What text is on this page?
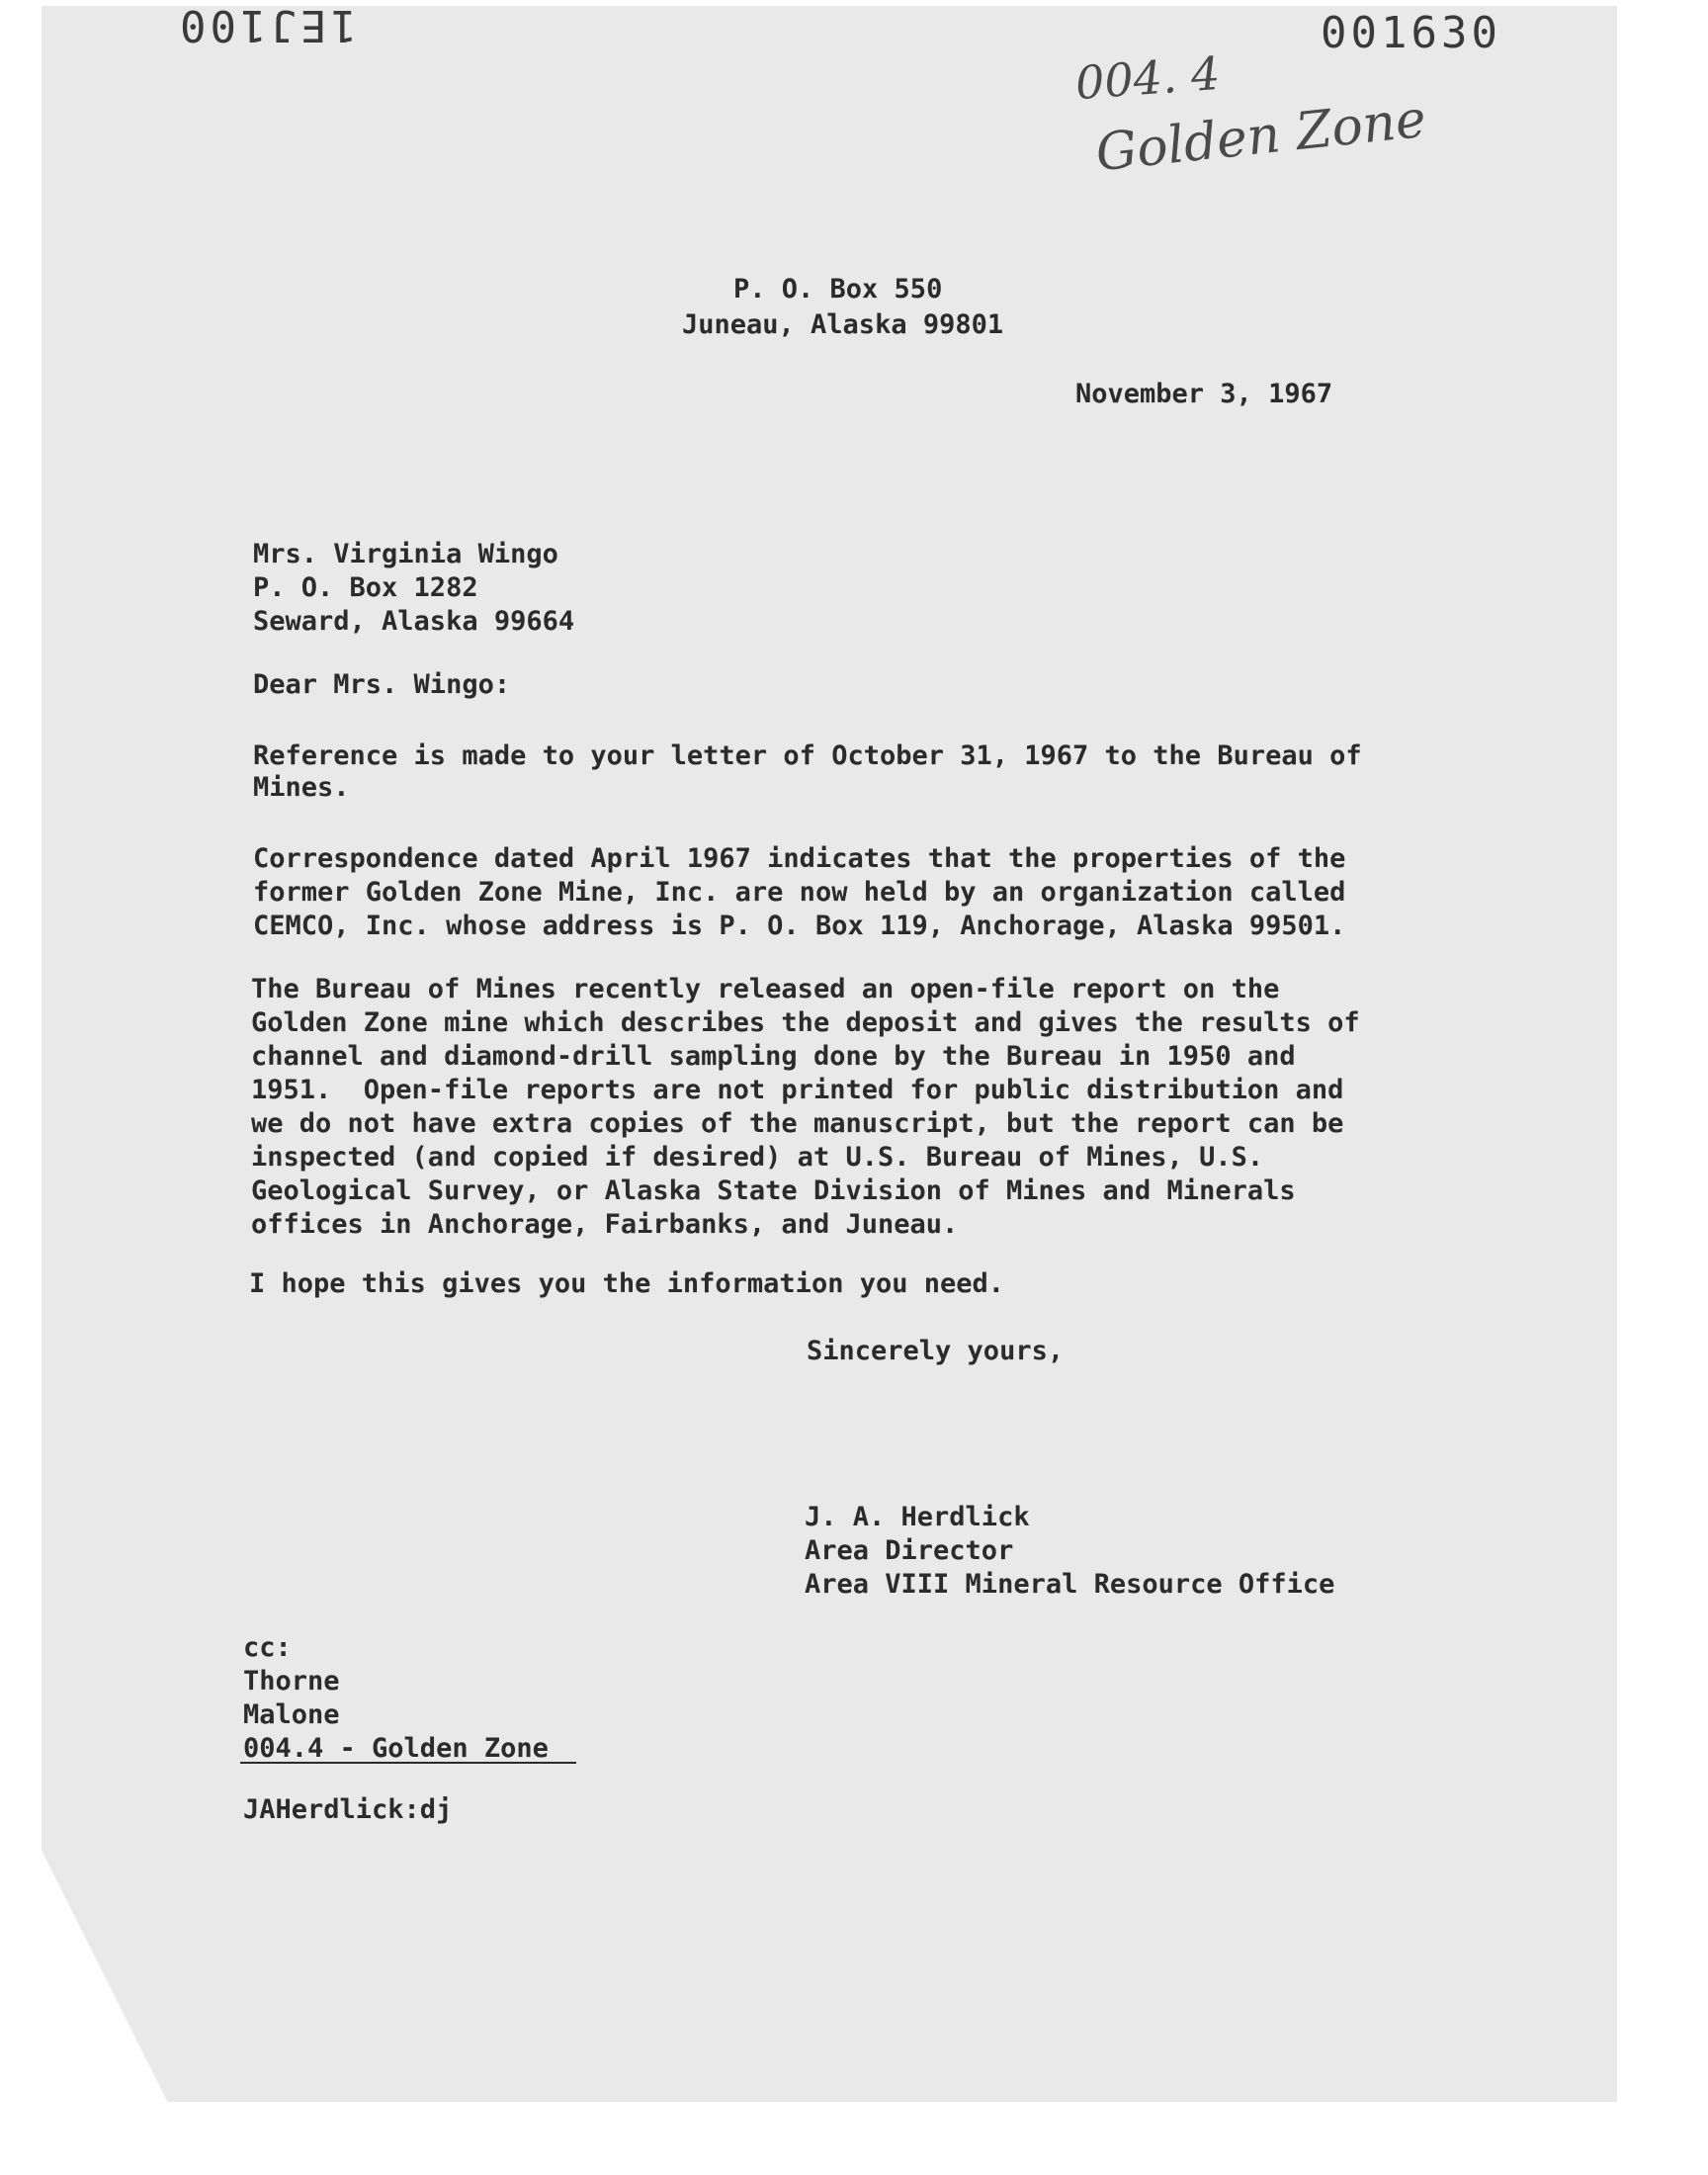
1EJ100	001630
004. 4
Golden Zone
P. O. Box 550
Juneau, Alaska 99801
November 3, 1967
Mrs. Virginia Wingo
P. O. Box 1282
Seward, Alaska 99664
Dear Mrs. Wingo:
Reference is made to your letter of October 31, 1967 to the Bureau of
Mines.
Correspondence dated April 1967 indicates that the properties of the
former Golden Zone Mine, Inc. are now held by an organization called
CEMCO, Inc. whose address is P. O. Box 119, Anchorage, Alaska 99501.
The Bureau of Mines recently released an open-file report on the
Golden Zone mine which describes the deposit and gives the results of
channel and diamond-drill sampling done by the Bureau in 1950 and
1951.  Open-file reports are not printed for public distribution and
we do not have extra copies of the manuscript, but the report can be
inspected (and copied if desired) at U.S. Bureau of Mines, U.S.
Geological Survey, or Alaska State Division of Mines and Minerals
offices in Anchorage, Fairbanks, and Juneau.
I hope this gives you the information you need.
Sincerely yours,
J. A. Herdlick
Area Director
Area VIII Mineral Resource Office
cc:
Thorne
Malone
004.4 - Golden Zone
JAHerdlick:dj
